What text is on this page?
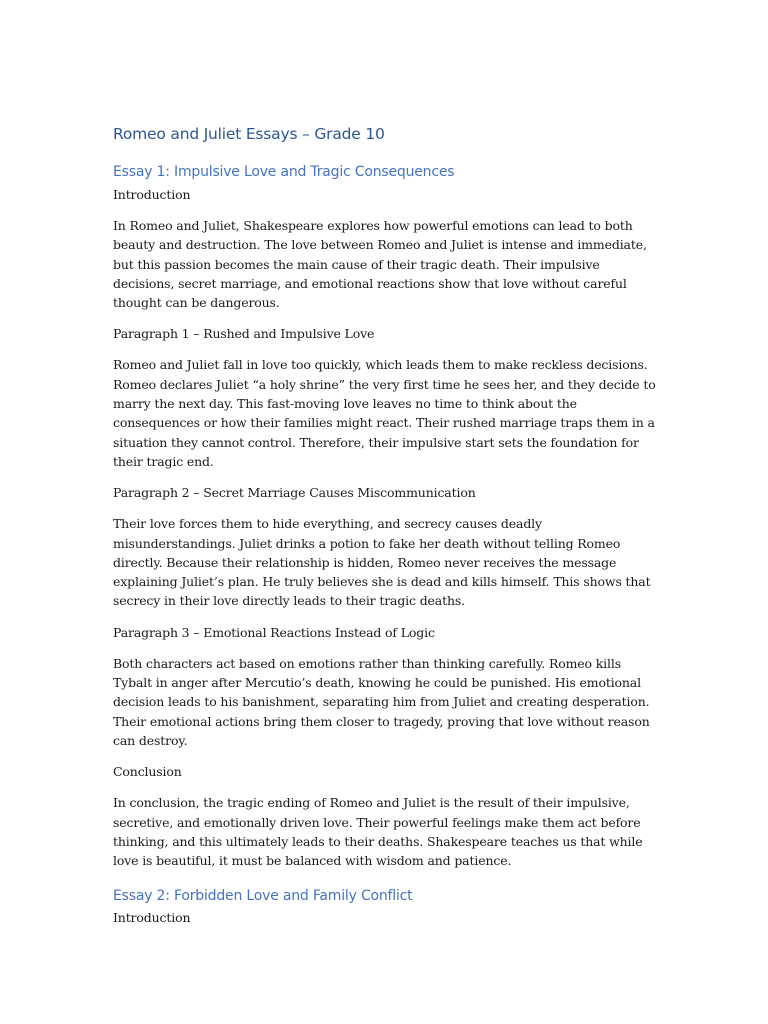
Romeo and Juliet Essays – Grade 10
Essay 1: Impulsive Love and Tragic Consequences

Introduction

In Romeo and Juliet, Shakespeare explores how powerful emotions can lead to both beauty and destruction. The love between Romeo and Juliet is intense and immediate, but this passion becomes the main cause of their tragic death. Their impulsive decisions, secret marriage, and emotional reactions show that love without careful thought can be dangerous.

Paragraph 1 – Rushed and Impulsive Love

Romeo and Juliet fall in love too quickly, which leads them to make reckless decisions. Romeo declares Juliet “a holy shrine” the very first time he sees her, and they decide to marry the next day. This fast-moving love leaves no time to think about the consequences or how their families might react. Their rushed marriage traps them in a situation they cannot control. Therefore, their impulsive start sets the foundation for their tragic end.

Paragraph 2 – Secret Marriage Causes Miscommunication

Their love forces them to hide everything, and secrecy causes deadly misunderstandings. Juliet drinks a potion to fake her death without telling Romeo directly. Because their relationship is hidden, Romeo never receives the message explaining Juliet’s plan. He truly believes she is dead and kills himself. This shows that secrecy in their love directly leads to their tragic deaths.

Paragraph 3 – Emotional Reactions Instead of Logic

Both characters act based on emotions rather than thinking carefully. Romeo kills Tybalt in anger after Mercutio’s death, knowing he could be punished. His emotional decision leads to his banishment, separating him from Juliet and creating desperation. Their emotional actions bring them closer to tragedy, proving that love without reason can destroy.

Conclusion

In conclusion, the tragic ending of Romeo and Juliet is the result of their impulsive, secretive, and emotionally driven love. Their powerful feelings make them act before thinking, and this ultimately leads to their deaths. Shakespeare teaches us that while love is beautiful, it must be balanced with wisdom and patience.

Essay 2: Forbidden Love and Family Conflict

Introduction
